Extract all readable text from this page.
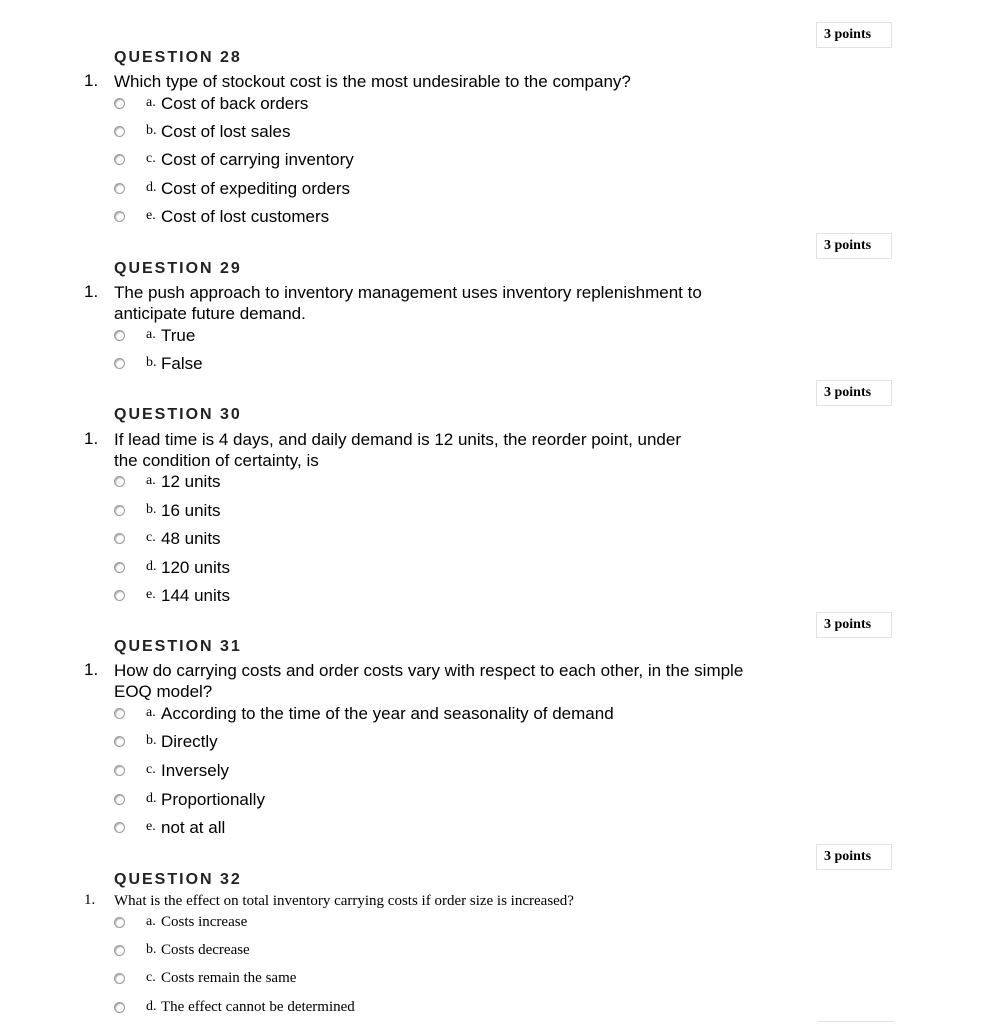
3 points
QUESTION 28
1. Which type of stockout cost is the most undesirable to the company?
a. Cost of back orders
b. Cost of lost sales
c. Cost of carrying inventory
d. Cost of expediting orders
e. Cost of lost customers
3 points
QUESTION 29
1. The push approach to inventory management uses inventory replenishment to anticipate future demand.
a. True
b. False
3 points
QUESTION 30
1. If lead time is 4 days, and daily demand is 12 units, the reorder point, under the condition of certainty, is
a. 12 units
b. 16 units
c. 48 units
d. 120 units
e. 144 units
3 points
QUESTION 31
1. How do carrying costs and order costs vary with respect to each other, in the simple EOQ model?
a. According to the time of the year and seasonality of demand
b. Directly
c. Inversely
d. Proportionally
e. not at all
3 points
QUESTION 32
1. What is the effect on total inventory carrying costs if order size is increased?
a. Costs increase
b. Costs decrease
c. Costs remain the same
d. The effect cannot be determined
